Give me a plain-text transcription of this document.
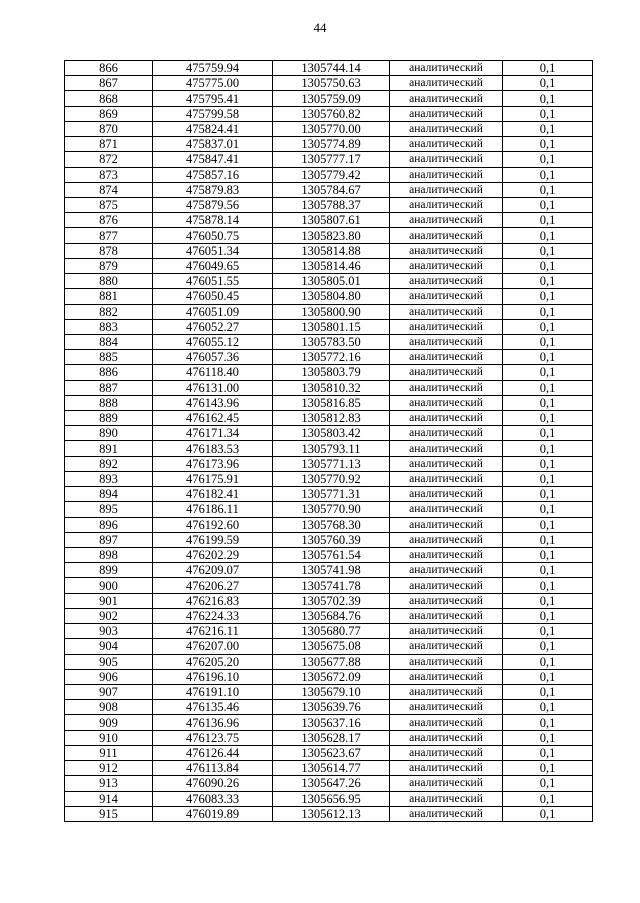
44
866	475759.94	1305744.14	аналитический	0,1
867	475775.00	1305750.63	аналитический	0,1
868	475795.41	1305759.09	аналитический	0,1
869	475799.58	1305760.82	аналитический	0,1
870	475824.41	1305770.00	аналитический	0,1
871	475837.01	1305774.89	аналитический	0,1
872	475847.41	1305777.17	аналитический	0,1
873	475857.16	1305779.42	аналитический	0,1
874	475879.83	1305784.67	аналитический	0,1
875	475879.56	1305788.37	аналитический	0,1
876	475878.14	1305807.61	аналитический	0,1
877	476050.75	1305823.80	аналитический	0,1
878	476051.34	1305814.88	аналитический	0,1
879	476049.65	1305814.46	аналитический	0,1
880	476051.55	1305805.01	аналитический	0,1
881	476050.45	1305804.80	аналитический	0,1
882	476051.09	1305800.90	аналитический	0,1
883	476052.27	1305801.15	аналитический	0,1
884	476055.12	1305783.50	аналитический	0,1
885	476057.36	1305772.16	аналитический	0,1
886	476118.40	1305803.79	аналитический	0,1
887	476131.00	1305810.32	аналитический	0,1
888	476143.96	1305816.85	аналитический	0,1
889	476162.45	1305812.83	аналитический	0,1
890	476171.34	1305803.42	аналитический	0,1
891	476183.53	1305793.11	аналитический	0,1
892	476173.96	1305771.13	аналитический	0,1
893	476175.91	1305770.92	аналитический	0,1
894	476182.41	1305771.31	аналитический	0,1
895	476186.11	1305770.90	аналитический	0,1
896	476192.60	1305768.30	аналитический	0,1
897	476199.59	1305760.39	аналитический	0,1
898	476202.29	1305761.54	аналитический	0,1
899	476209.07	1305741.98	аналитический	0,1
900	476206.27	1305741.78	аналитический	0,1
901	476216.83	1305702.39	аналитический	0,1
902	476224.33	1305684.76	аналитический	0,1
903	476216.11	1305680.77	аналитический	0,1
904	476207.00	1305675.08	аналитический	0,1
905	476205.20	1305677.88	аналитический	0,1
906	476196.10	1305672.09	аналитический	0,1
907	476191.10	1305679.10	аналитический	0,1
908	476135.46	1305639.76	аналитический	0,1
909	476136.96	1305637.16	аналитический	0,1
910	476123.75	1305628.17	аналитический	0,1
911	476126.44	1305623.67	аналитический	0,1
912	476113.84	1305614.77	аналитический	0,1
913	476090.26	1305647.26	аналитический	0,1
914	476083.33	1305656.95	аналитический	0,1
915	476019.89	1305612.13	аналитический	0,1
